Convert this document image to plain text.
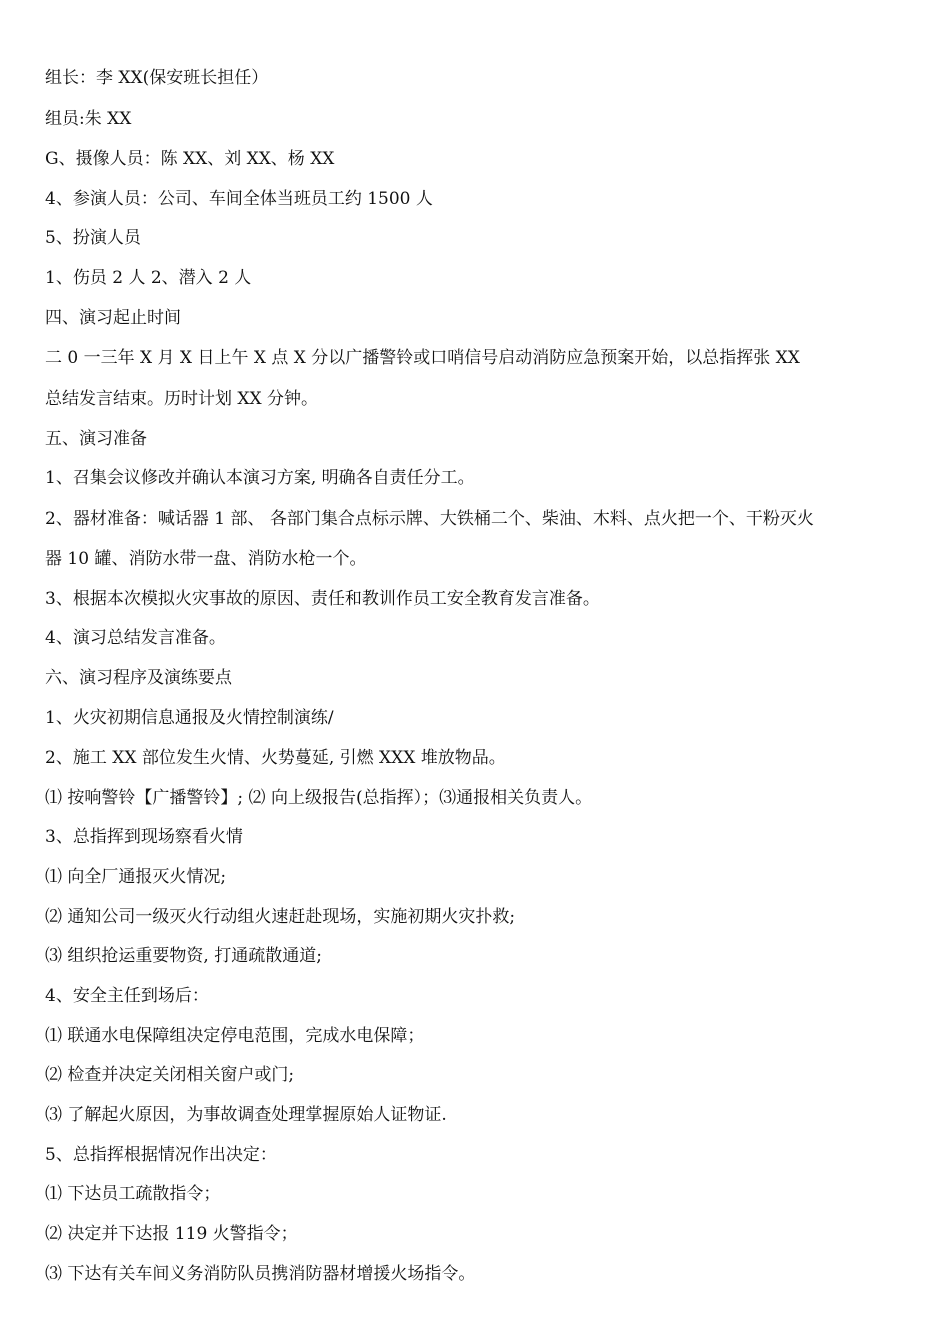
组长：李 XX(保安班长担任）
组员:朱 XX
G、摄像人员：陈 XX、刘 XX、杨 XX
4、参演人员：公司、车间全体当班员工约 1500 人
5、扮演人员
1、伤员 2 人 2、潜入 2 人
四、演习起止时间
二 0 一三年 X 月 X 日上午 X 点 X 分以广播警铃或口哨信号启动消防应急预案开始，以总指挥张 XX
总结发言结束。历时计划 XX 分钟。
五、演习准备
1、召集会议修改并确认本演习方案, 明确各自责任分工。
2、器材准备：喊话器 1 部、 各部门集合点标示牌、大铁桶二个、柴油、木料、点火把一个、干粉灭火
器 10 罐、消防水带一盘、消防水枪一个。
3、根据本次模拟火灾事故的原因、责任和教训作员工安全教育发言准备。
4、演习总结发言准备。
六、演习程序及演练要点
1、火灾初期信息通报及火情控制演练/
2、施工 XX 部位发生火情、火势蔓延, 引燃 XXX 堆放物品。
⑴ 按响警铃【广播警铃】; ⑵ 向上级报告(总指挥）；⑶通报相关负责人。
3、总指挥到现场察看火情
⑴ 向全厂通报灭火情况;
⑵ 通知公司一级灭火行动组火速赶赴现场，实施初期火灾扑救;
⑶ 组织抢运重要物资, 打通疏散通道;
4、安全主任到场后：
⑴ 联通水电保障组决定停电范围，完成水电保障；
⑵ 检查并决定关闭相关窗户或门;
⑶ 了解起火原因，为事故调查处理掌握原始人证物证.
5、总指挥根据情况作出决定：
⑴ 下达员工疏散指令；
⑵ 决定并下达报 119 火警指令；
⑶ 下达有关车间义务消防队员携消防器材增援火场指令。
